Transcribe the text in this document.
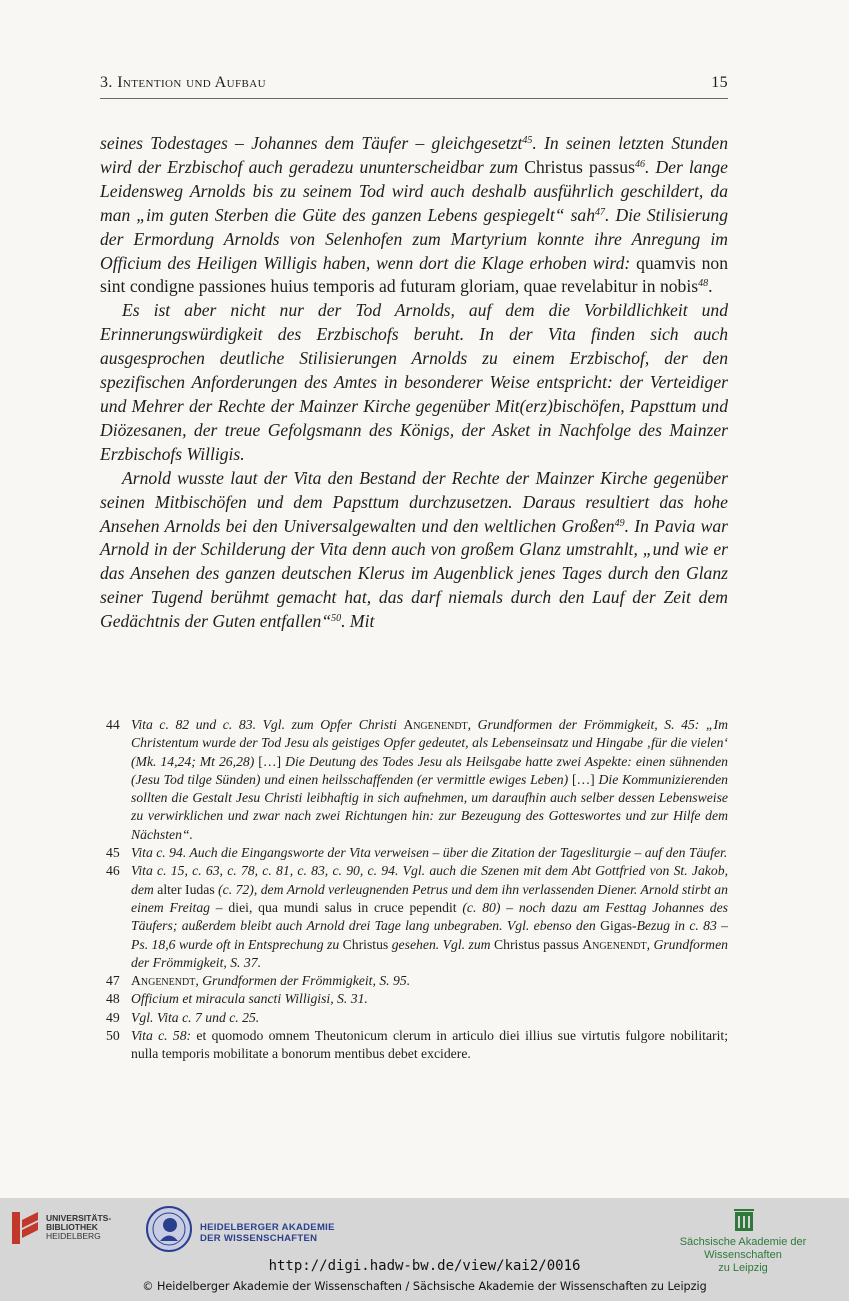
3. Intention und Aufbau	15

seines Todestages – Johannes dem Täufer – gleichgesetzt$^{45}$. In seinen letzten Stunden wird der Erzbischof auch geradezu ununterscheidbar zum Christus passus$^{46}$. Der lange Leidensweg Arnolds bis zu seinem Tod wird auch deshalb ausführlich geschildert, da man „im guten Sterben die Güte des ganzen Lebens gespiegelt“ sah$^{47}$. Die Stilisierung der Ermordung Arnolds von Selenhofen zum Martyrium konnte ihre Anregung im Officium des Heiligen Willigis haben, wenn dort die Klage erhoben wird: quamvis non sint condigne passiones huius temporis ad futuram gloriam, quae revelabitur in nobis$^{48}$.

Es ist aber nicht nur der Tod Arnolds, auf dem die Vorbildlichkeit und Erinnerungswürdigkeit des Erzbischofs beruht. In der Vita finden sich auch ausgesprochen deutliche Stilisierungen Arnolds zu einem Erzbischof, der den spezifischen Anforderungen des Amtes in besonderer Weise entspricht: der Verteidiger und Mehrer der Rechte der Mainzer Kirche gegenüber Mit(erz)bischöfen, Papsttum und Diözesanen, der treue Gefolgsmann des Königs, der Asket in Nachfolge des Mainzer Erzbischofs Willigis.

Arnold wusste laut der Vita den Bestand der Rechte der Mainzer Kirche gegenüber seinen Mitbischöfen und dem Papsttum durchzusetzen. Daraus resultiert das hohe Ansehen Arnolds bei den Universalgewalten und den weltlichen Großen$^{49}$. In Pavia war Arnold in der Schilderung der Vita denn auch von großem Glanz umstrahlt, „und wie er das Ansehen des ganzen deutschen Klerus im Augenblick jenes Tages durch den Glanz seiner Tugend berühmt gemacht hat, das darf niemals durch den Lauf der Zeit dem Gedächtnis der Guten entfallen“$^{50}$. Mit

44 Vita c. 82 und c. 83. Vgl. zum Opfer Christi Angenendt, Grundformen der Frömmigkeit, S. 45: „Im Christentum wurde der Tod Jesu als geistiges Opfer gedeutet, als Lebenseinsatz und Hingabe ‚für die vielen‘ (Mk. 14,24; Mt 26,28) […] Die Deutung des Todes Jesu als Heilsgabe hatte zwei Aspekte: einen sühnenden (Jesu Tod tilge Sünden) und einen heilsschaffenden (er vermittle ewiges Leben) […] Die Kommunizierenden sollten die Gestalt Jesu Christi leibhaftig in sich aufnehmen, um daraufhin auch selber dessen Lebensweise zu verwirklichen und zwar nach zwei Richtungen hin: zur Bezeugung des Gotteswortes und zur Hilfe dem Nächsten“.
45 Vita c. 94. Auch die Eingangsworte der Vita verweisen – über die Zitation der Tagesliturgie – auf den Täufer.
46 Vita c. 15, c. 63, c. 78, c. 81, c. 83, c. 90, c. 94. Vgl. auch die Szenen mit dem Abt Gottfried von St. Jakob, dem alter Iudas (c. 72), dem Arnold verleugnenden Petrus und dem ihn verlassenden Diener. Arnold stirbt an einem Freitag – diei, qua mundi salus in cruce pependit (c. 80) – noch dazu am Festtag Johannes des Täufers; außerdem bleibt auch Arnold drei Tage lang unbegraben. Vgl. ebenso den Gigas-Bezug in c. 83 – Ps. 18,6 wurde oft in Entsprechung zu Christus gesehen. Vgl. zum Christus passus Angenendt, Grundformen der Frömmigkeit, S. 37.
47 Angenendt, Grundformen der Frömmigkeit, S. 95.
48 Officium et miracula sancti Willigisi, S. 31.
49 Vgl. Vita c. 7 und c. 25.
50 Vita c. 58: et quomodo omnem Theutonicum clerum in articulo diei illius sue virtutis fulgore nobilitarit; nulla temporis mobilitate a bonorum mentibus debet excidere.
UNIVERSITÄTS-
BIBLIOTHEK
HEIDELBERG
HEIDELBERGER AKADEMIE
DER WISSENSCHAFTEN	Sächsische Akademie der Wissenschaften
zu Leipzig
http://digi.hadw-bw.de/view/kai2/0016
© Heidelberger Akademie der Wissenschaften / Sächsische Akademie der Wissenschaften zu Leipzig
